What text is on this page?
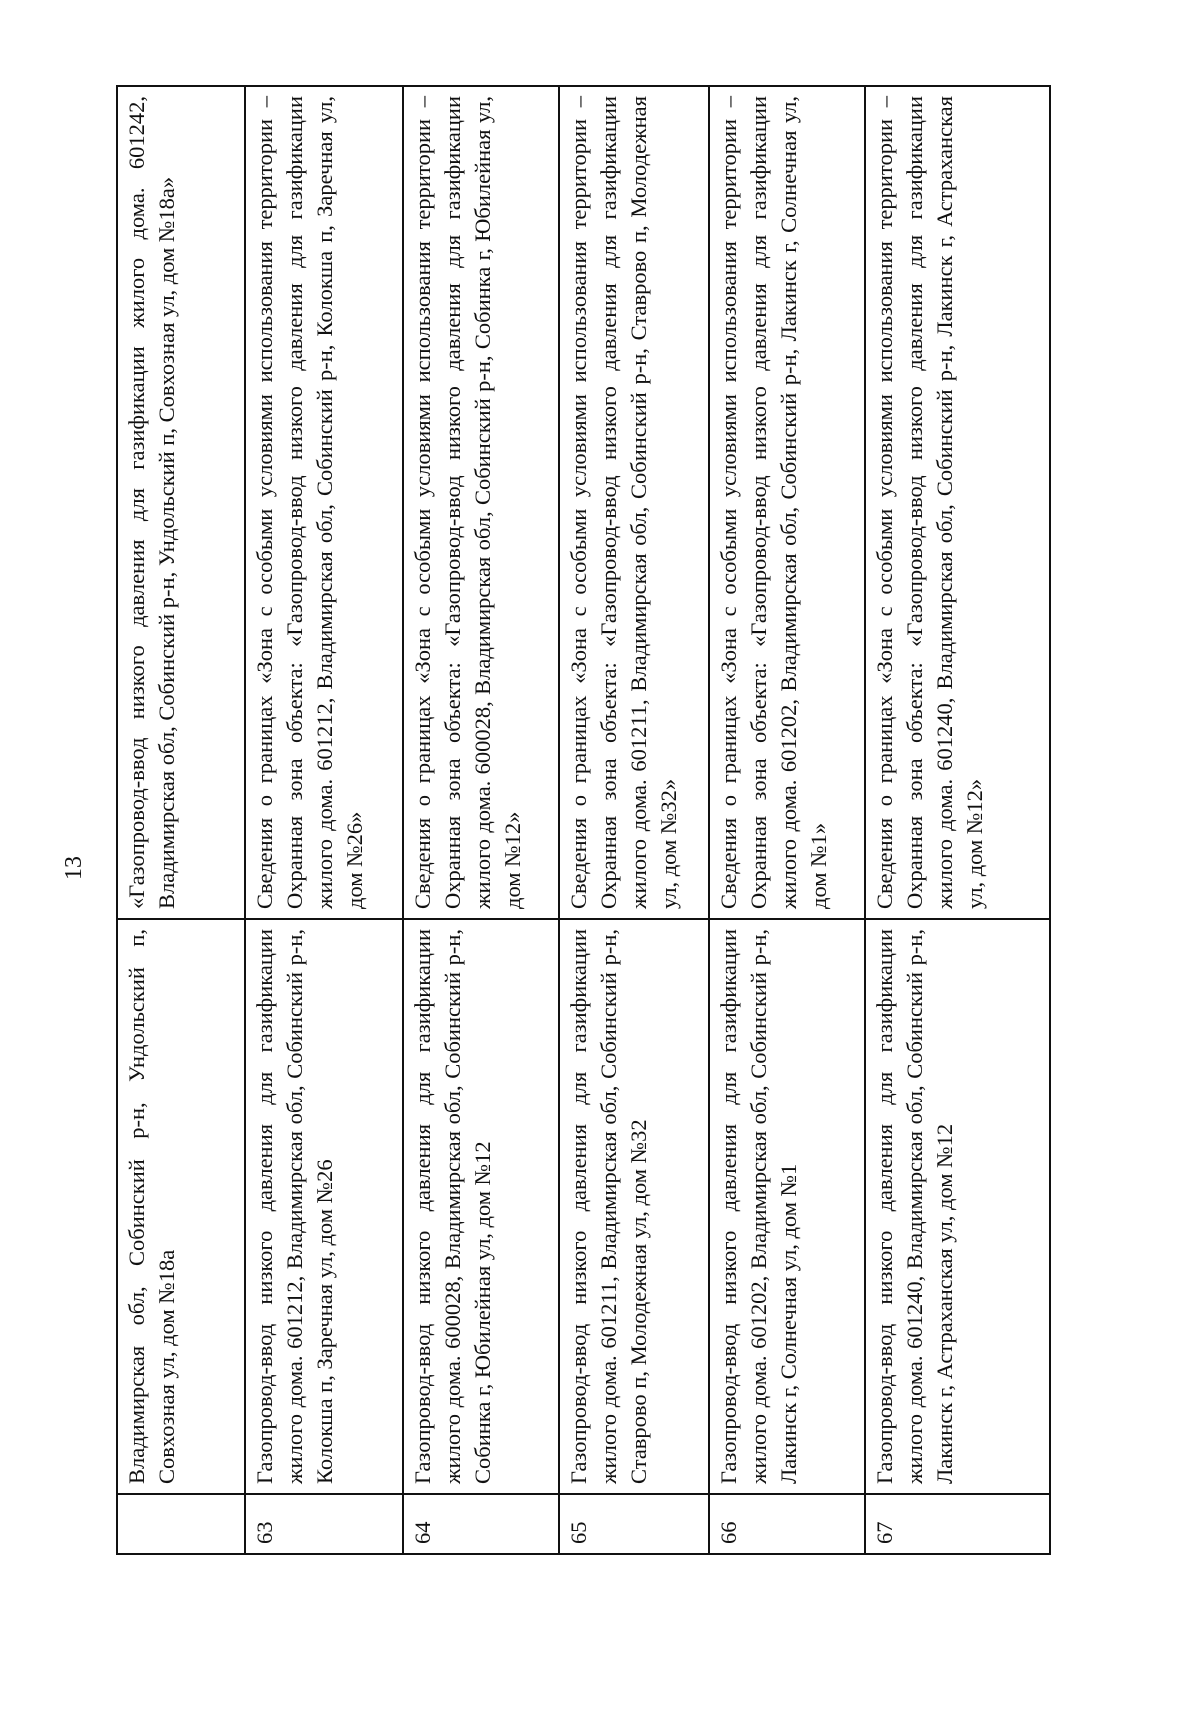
13
	Владимирская обл, Собинский р-н, Ундольский п, Совхозная ул, дом №18а	«Газопровод-ввод низкого давления для газификации жилого дома. 601242, Владимирская обл, Собинский р-н, Ундольский п, Совхозная ул, дом №18а»
63	Газопровод-ввод низкого давления для газификации жилого дома. 601212, Владимирская обл, Собинский р-н, Колокша п, Заречная ул, дом №26	Сведения о границах «Зона с особыми условиями использования территории – Охранная зона объекта: «Газопровод-ввод низкого давления для газификации жилого дома. 601212, Владимирская обл, Собинский р-н, Колокша п, Заречная ул, дом №26»
64	Газопровод-ввод низкого давления для газификации жилого дома. 600028, Владимирская обл, Собинский р-н, Собинка г, Юбилейная ул, дом №12	Сведения о границах «Зона с особыми условиями использования территории – Охранная зона объекта: «Газопровод-ввод низкого давления для газификации жилого дома. 600028, Владимирская обл, Собинский р-н, Собинка г, Юбилейная ул, дом №12»
65	Газопровод-ввод низкого давления для газификации жилого дома. 601211, Владимирская обл, Собинский р-н, Ставрово п, Молодежная ул, дом №32	Сведения о границах «Зона с особыми условиями использования территории – Охранная зона объекта: «Газопровод-ввод низкого давления для газификации жилого дома. 601211, Владимирская обл, Собинский р-н, Ставрово п, Молодежная ул, дом №32»
66	Газопровод-ввод низкого давления для газификации жилого дома. 601202, Владимирская обл, Собинский р-н, Лакинск г, Солнечная ул, дом №1	Сведения о границах «Зона с особыми условиями использования территории – Охранная зона объекта: «Газопровод-ввод низкого давления для газификации жилого дома. 601202, Владимирская обл, Собинский р-н, Лакинск г, Солнечная ул, дом №1»
67	Газопровод-ввод низкого давления для газификации жилого дома. 601240, Владимирская обл, Собинский р-н, Лакинск г, Астраханская ул, дом №12	Сведения о границах «Зона с особыми условиями использования территории – Охранная зона объекта: «Газопровод-ввод низкого давления для газификации жилого дома. 601240, Владимирская обл, Собинский р-н, Лакинск г, Астраханская ул, дом №12»
